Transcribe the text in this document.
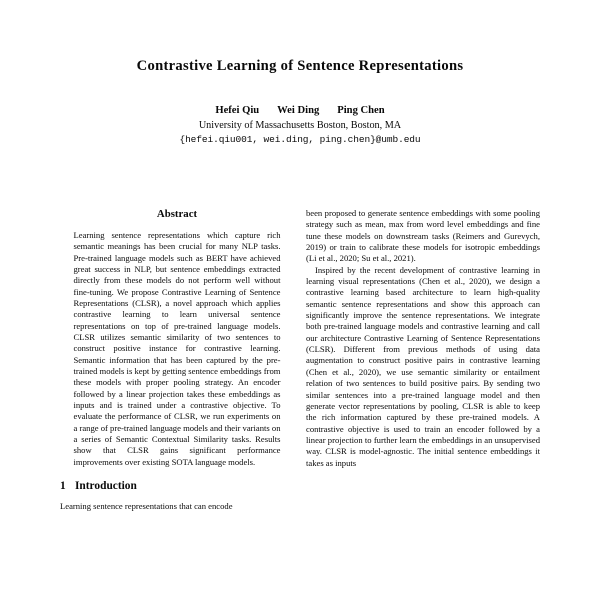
Contrastive Learning of Sentence Representations
Hefei Qiu Wei Ding Ping Chen
University of Massachusetts Boston, Boston, MA
{hefei.qiu001, wei.ding, ping.chen}@umb.edu
Abstract

Learning sentence representations which capture rich semantic meanings has been crucial for many NLP tasks. Pre-trained language models such as BERT have achieved great success in NLP, but sentence embeddings extracted directly from these models do not perform well without fine-tuning. We propose Contrastive Learning of Sentence Representations (CLSR), a novel approach which applies contrastive learning to learn universal sentence representations on top of pre-trained language models. CLSR utilizes semantic similarity of two sentences to construct positive instance for contrastive learning. Semantic information that has been captured by the pre-trained models is kept by getting sentence embeddings from these models with proper pooling strategy. An encoder followed by a linear projection takes these embeddings as inputs and is trained under a contrastive objective. To evaluate the performance of CLSR, we run experiments on a range of pre-trained language models and their variants on a series of Semantic Contextual Similarity tasks. Results show that CLSR gains significant performance improvements over existing SOTA language models.

1 Introduction

Learning sentence representations that can encode

been proposed to generate sentence embeddings with some pooling strategy such as mean, max from word level embeddings and fine tune these models on downstream tasks (Reimers and Gurevych, 2019) or train to calibrate these models for isotropic embeddings (Li et al., 2020; Su et al., 2021).

Inspired by the recent development of contrastive learning in learning visual representations (Chen et al., 2020), we design a contrastive learning based architecture to learn high-quality semantic sentence representations and show this approach can significantly improve the sentence representations. We integrate both pre-trained language models and contrastive learning and call our architecture Contrastive Learning of Sentence Representations (CLSR). Different from previous methods of using data augmentation to construct positive pairs in contrastive learning (Chen et al., 2020), we use semantic similarity or entailment relation of two sentences to build positive pairs. By sending two similar sentences into a pre-trained language model and then generate vector representations by pooling, CLSR is able to keep the rich information captured by these pre-trained models. A contrastive objective is used to train an encoder followed by a linear projection to further learn the embeddings in an unsupervised way. CLSR is model-agnostic. The initial sentence embeddings it takes as inputs
